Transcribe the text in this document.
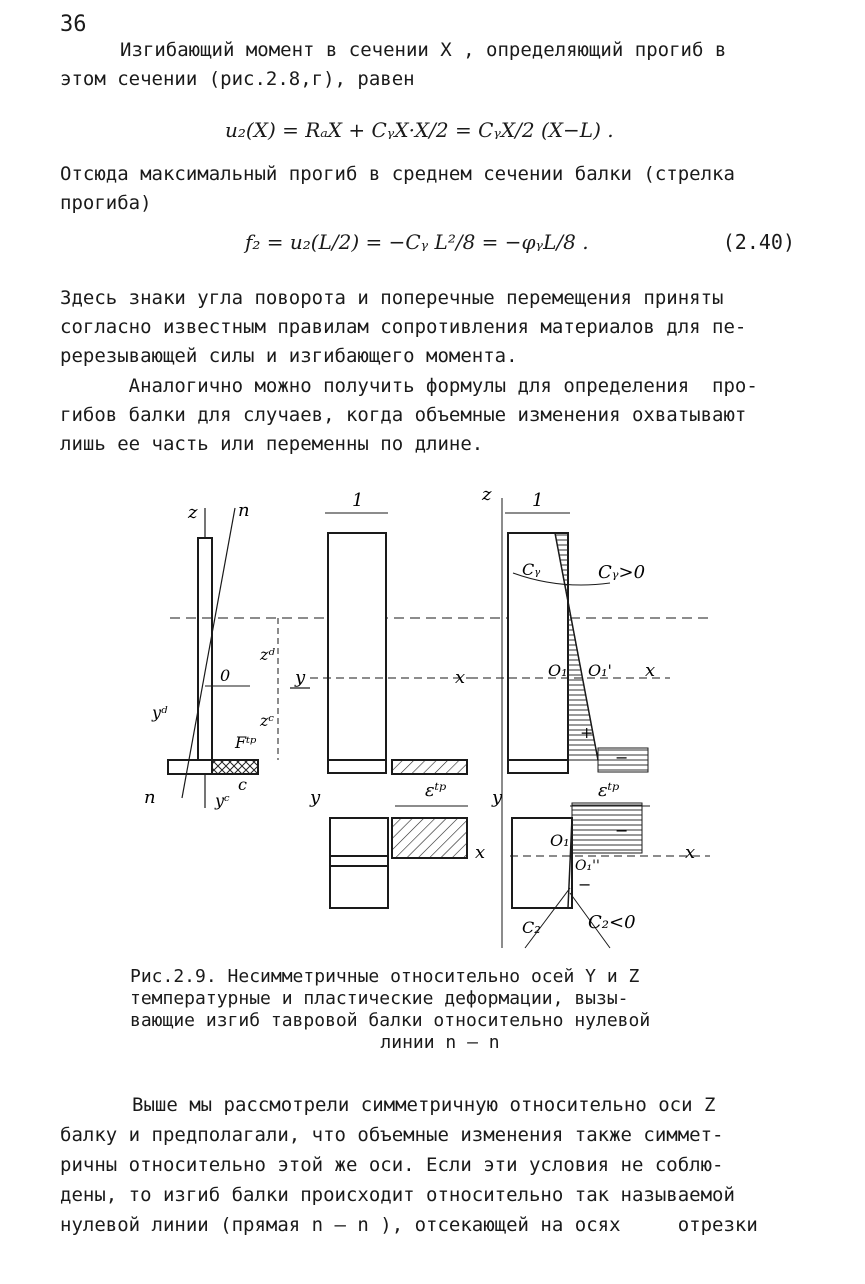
36
Изгибающий момент в сечении X , определяющий прогиб в
этом сечении (рис.2.8,г), равен
u₂(X) = RₐX + CᵧX·X/2 = CᵧX/2 (X−L) .
Отсюда максимальный прогиб в среднем сечении балки (стрелка
прогиба)
f₂ = u₂(L/2) = −Cᵧ L²/8 = −φᵧL/8 .	(2.40)
Здесь знаки угла поворота и поперечные перемещения приняты
согласно известным правилам сопротивления материалов для пе-
ререзывающей силы и изгибающего момента.
Аналогично можно получить формулы для определения  про-
гибов балки для случаев, когда объемные изменения охватывают
лишь ее часть или переменны по длине.
z n
0	y
zᵈ
zᶜ
yᵈ
yᶜ
c
Fᵗᵖ
n
1
x
εᵗᵖ
y
x
z 1
Cᵧ	Cᵧ>0
O₁ O₁' x
+
−
εᵗᵖ
y
O₁
−
O₁''
x
−
C₂	C₂<0
Рис.2.9. Несимметричные относительно осей Y и Z
температурные и пластические деформации, вызы-
вающие изгиб тавровой балки относительно нулевой
линии n – n
Выше мы рассмотрели симметричную относительно оси Z
балку и предполагали, что объемные изменения также симмет-
ричны относительно этой же оси. Если эти условия не соблю-
дены, то изгиб балки происходит относительно так называемой
нулевой линии (прямая n – n ), отсекающей на осях     отрезки
